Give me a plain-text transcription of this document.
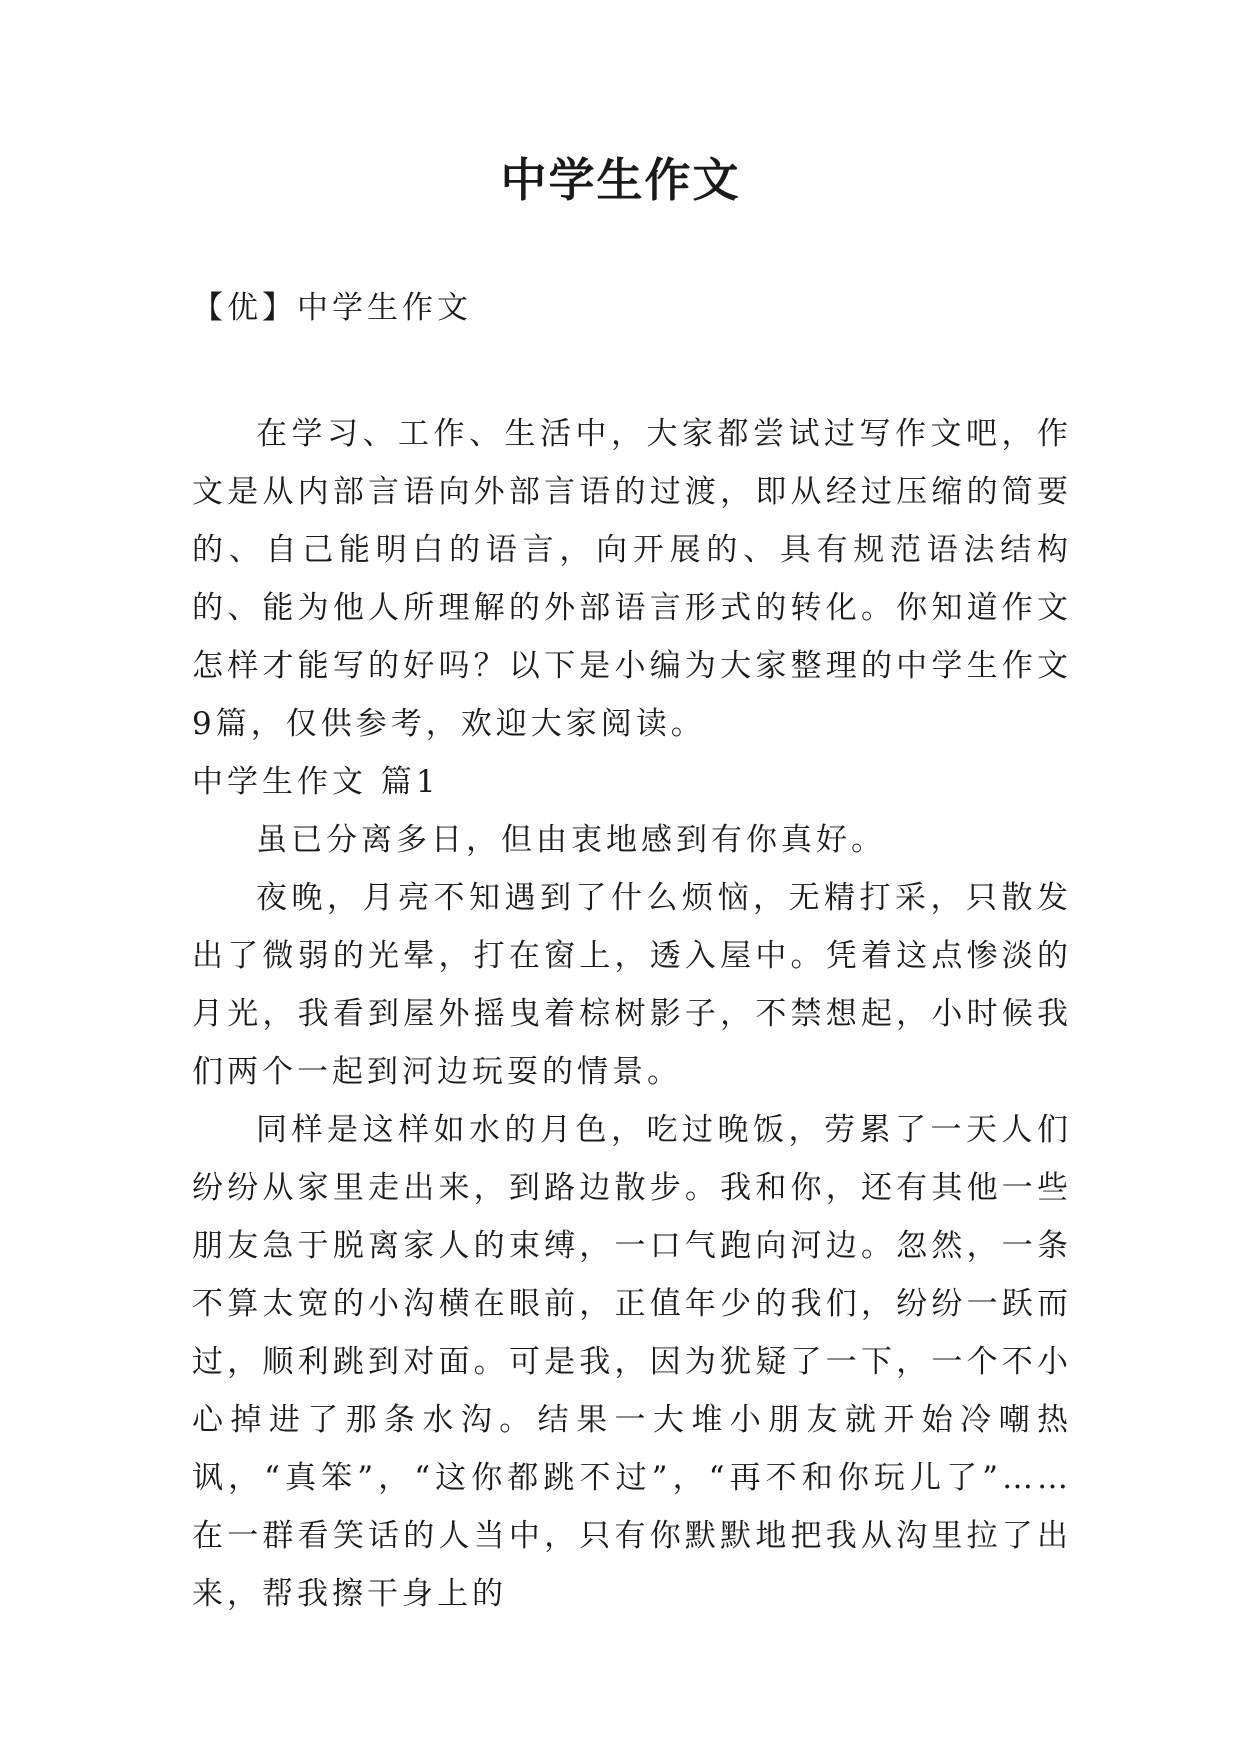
中学生作文

【优】中学生作文

在学习、工作、生活中，大家都尝试过写作文吧，作文是从内部言语向外部言语的过渡，即从经过压缩的简要的、自己能明白的语言，向开展的、具有规范语法结构的、能为他人所理解的外部语言形式的转化。你知道作文怎样才能写的好吗？以下是小编为大家整理的中学生作文9篇，仅供参考，欢迎大家阅读。

中学生作文 篇1

虽已分离多日，但由衷地感到有你真好。

夜晚，月亮不知遇到了什么烦恼，无精打采，只散发出了微弱的光晕，打在窗上，透入屋中。凭着这点惨淡的月光，我看到屋外摇曳着棕树影子，不禁想起，小时候我们两个一起到河边玩耍的情景。

同样是这样如水的月色，吃过晚饭，劳累了一天人们纷纷从家里走出来，到路边散步。我和你，还有其他一些朋友急于脱离家人的束缚，一口气跑向河边。忽然，一条不算太宽的小沟横在眼前，正值年少的我们，纷纷一跃而过，顺利跳到对面。可是我，因为犹疑了一下，一个不小心掉进了那条水沟。结果一大堆小朋友就开始冷嘲热讽，“真笨”，“这你都跳不过”，“再不和你玩儿了”……在一群看笑话的人当中，只有你默默地把我从沟里拉了出来，帮我擦干身上的
